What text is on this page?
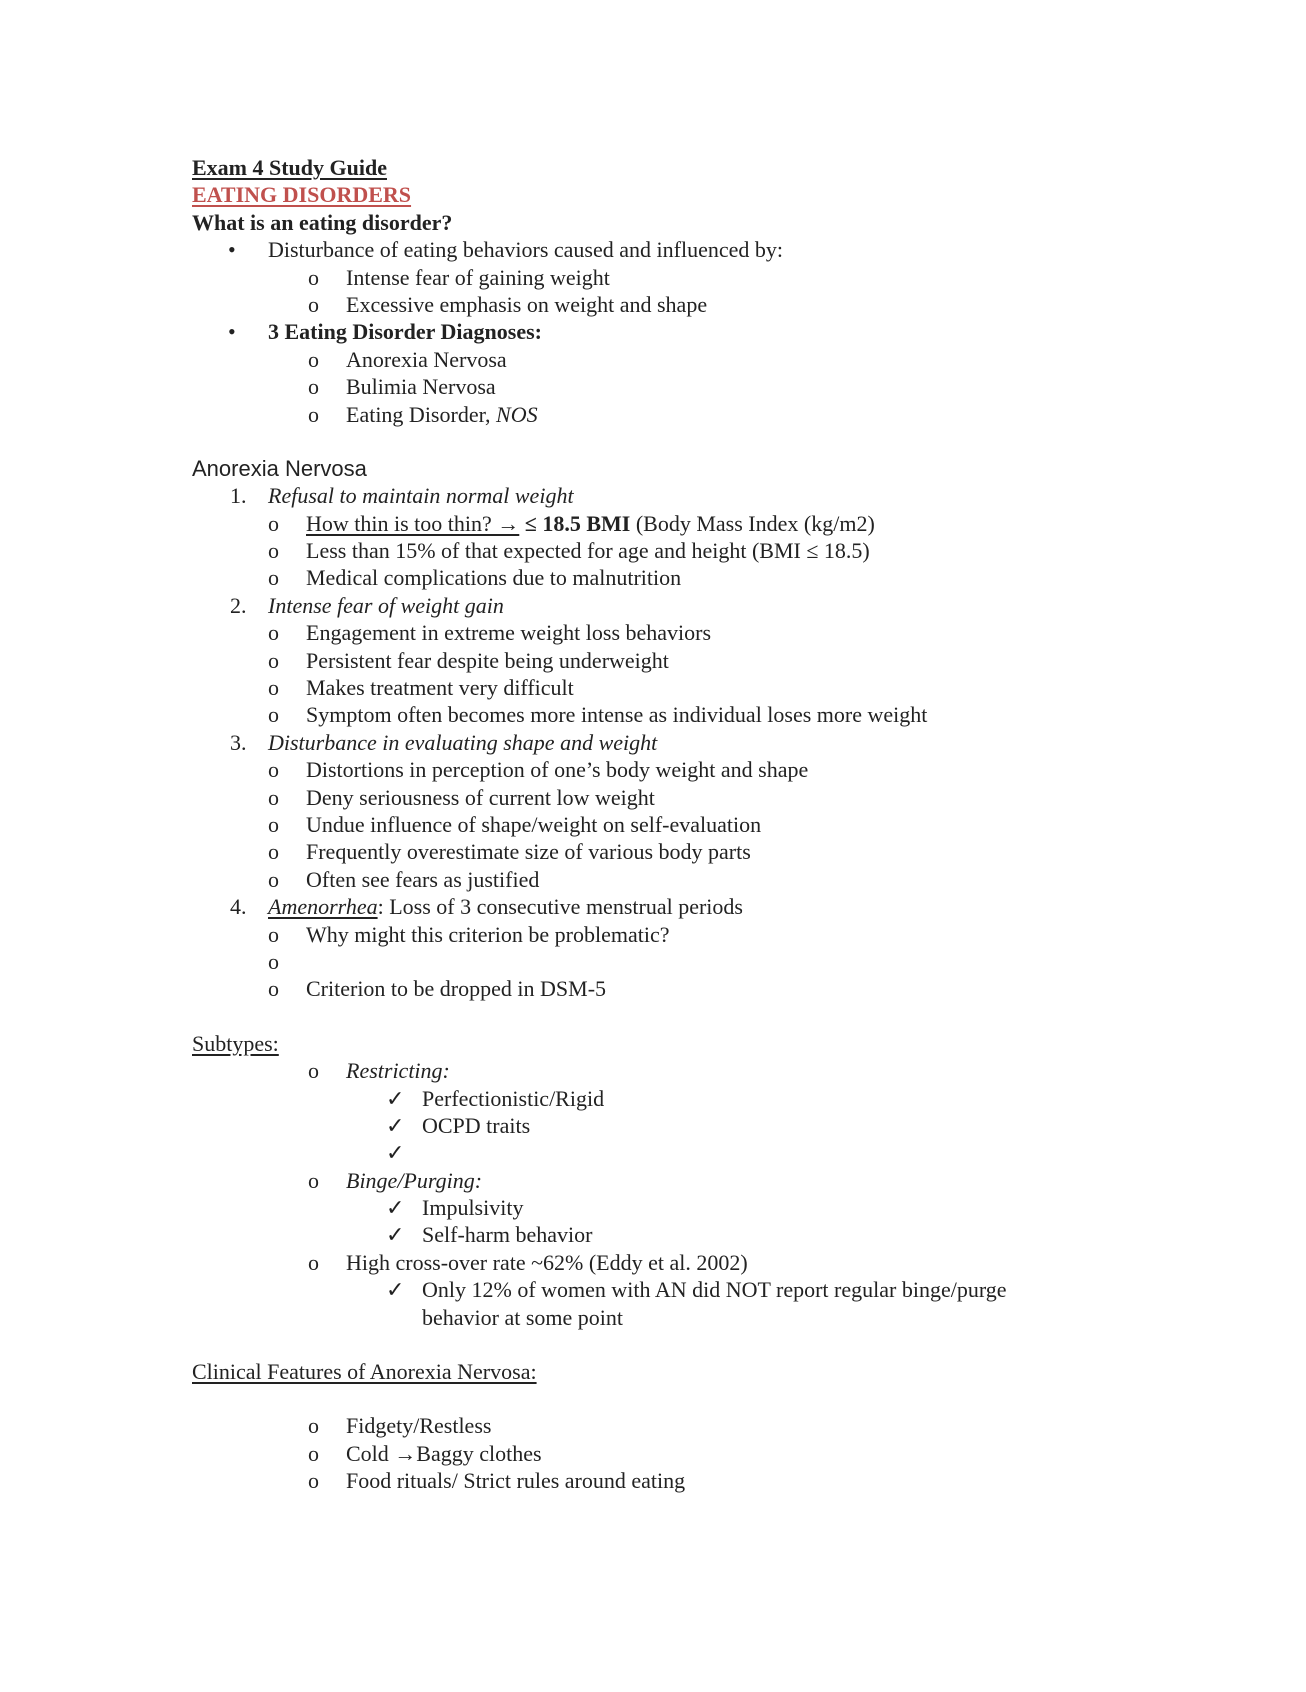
Exam 4 Study Guide
EATING DISORDERS
What is an eating disorder?
• Disturbance of eating behaviors caused and influenced by:
o Intense fear of gaining weight
o Excessive emphasis on weight and shape
• 3 Eating Disorder Diagnoses:
o Anorexia Nervosa
o Bulimia Nervosa
o Eating Disorder, NOS
Anorexia Nervosa
1. Refusal to maintain normal weight
o How thin is too thin? → ≤ 18.5 BMI (Body Mass Index (kg/m2)
o Less than 15% of that expected for age and height (BMI ≤ 18.5)
o Medical complications due to malnutrition
2. Intense fear of weight gain
o Engagement in extreme weight loss behaviors
o Persistent fear despite being underweight
o Makes treatment very difficult
o Symptom often becomes more intense as individual loses more weight
3. Disturbance in evaluating shape and weight
o Distortions in perception of one’s body weight and shape
o Deny seriousness of current low weight
o Undue influence of shape/weight on self-evaluation
o Frequently overestimate size of various body parts
o Often see fears as justified
4. Amenorrhea: Loss of 3 consecutive menstrual periods
o Why might this criterion be problematic?
o
o Criterion to be dropped in DSM-5
Subtypes:
o Restricting:
✓ Perfectionistic/Rigid
✓ OCPD traits
✓
o Binge/Purging:
✓ Impulsivity
✓ Self-harm behavior
o High cross-over rate ~62% (Eddy et al. 2002)
✓ Only 12% of women with AN did NOT report regular binge/purge
behavior at some point
Clinical Features of Anorexia Nervosa:
o Fidgety/Restless
o Cold →Baggy clothes
o Food rituals/ Strict rules around eating
